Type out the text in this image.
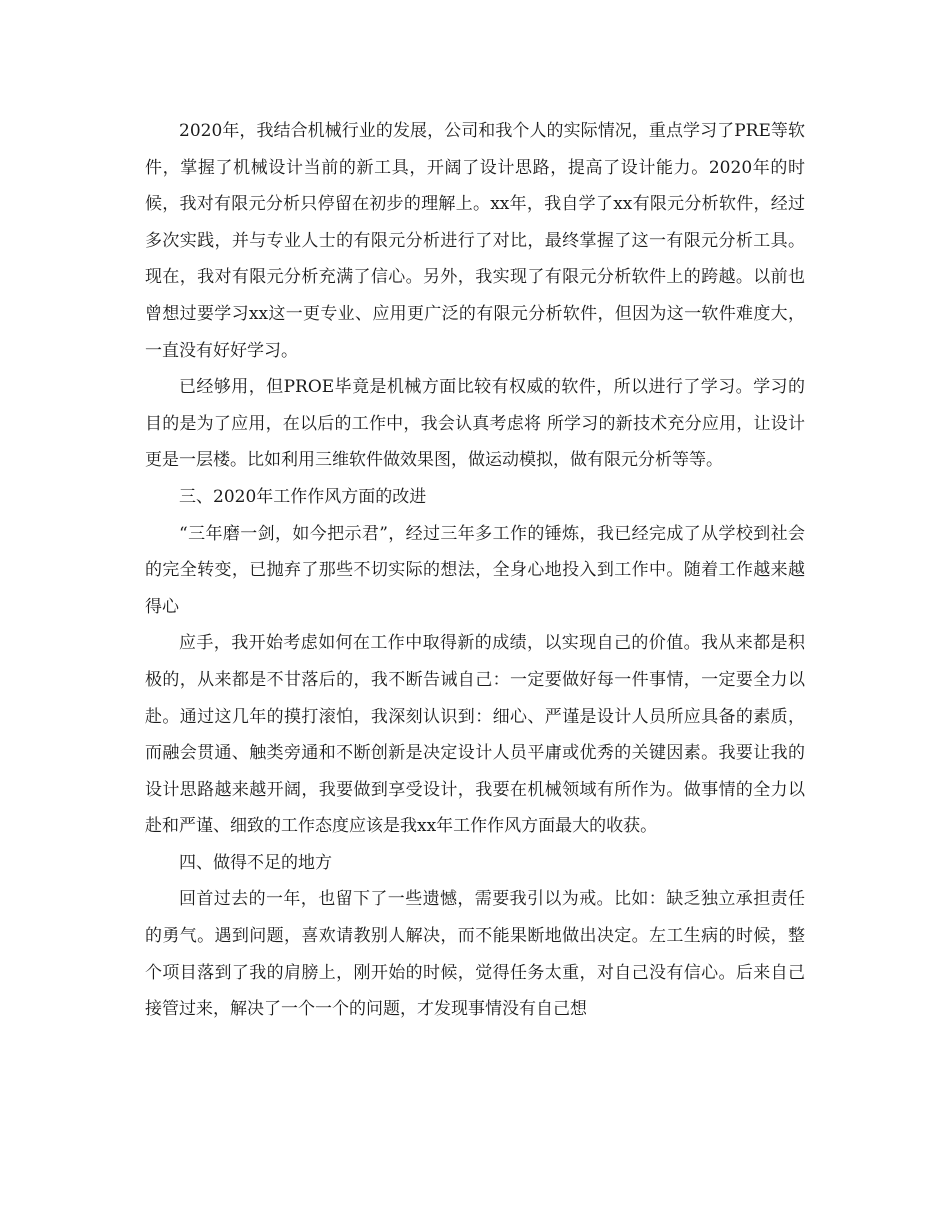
2020年，我结合机械行业的发展，公司和我个人的实际情况，重点学习了PRE等软件，掌握了机械设计当前的新工具，开阔了设计思路，提高了设计能力。2020年的时候，我对有限元分析只停留在初步的理解上。xx年，我自学了xx有限元分析软件，经过多次实践，并与专业人士的有限元分析进行了对比，最终掌握了这一有限元分析工具。现在，我对有限元分析充满了信心。另外，我实现了有限元分析软件上的跨越。以前也曾想过要学习xx这一更专业、应用更广泛的有限元分析软件，但因为这一软件难度大，一直没有好好学习。

已经够用，但PROE毕竟是机械方面比较有权威的软件，所以进行了学习。学习的目的是为了应用，在以后的工作中，我会认真考虑将 所学习的新技术充分应用，让设计更是一层楼。比如利用三维软件做效果图，做运动模拟，做有限元分析等等。

三、2020年工作作风方面的改进

“三年磨一剑，如今把示君”，经过三年多工作的锤炼，我已经完成了从学校到社会的完全转变，已抛弃了那些不切实际的想法，全身心地投入到工作中。随着工作越来越得心

应手，我开始考虑如何在工作中取得新的成绩，以实现自己的价值。我从来都是积极的，从来都是不甘落后的，我不断告诫自己：一定要做好每一件事情，一定要全力以赴。通过这几年的摸打滚怕，我深刻认识到：细心、严谨是设计人员所应具备的素质，而融会贯通、触类旁通和不断创新是决定设计人员平庸或优秀的关键因素。我要让我的设计思路越来越开阔，我要做到享受设计，我要在机械领域有所作为。做事情的全力以赴和严谨、细致的工作态度应该是我xx年工作作风方面最大的收获。

四、做得不足的地方

回首过去的一年，也留下了一些遗憾，需要我引以为戒。比如：缺乏独立承担责任的勇气。遇到问题，喜欢请教别人解决，而不能果断地做出决定。左工生病的时候，整个项目落到了我的肩膀上，刚开始的时候，觉得任务太重，对自己没有信心。后来自己接管过来，解决了一个一个的问题，才发现事情没有自己想
